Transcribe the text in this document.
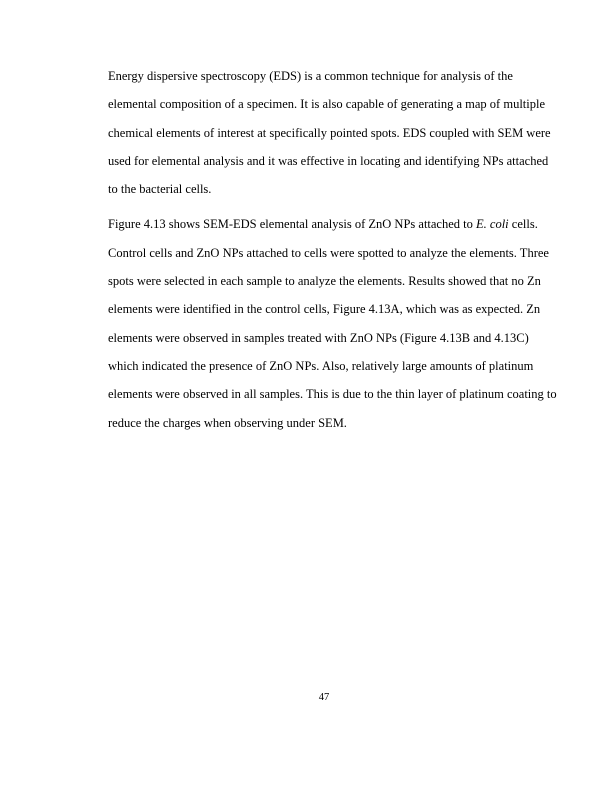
Energy dispersive spectroscopy (EDS) is a common technique for analysis of the
elemental composition of a specimen. It is also capable of generating a map of multiple
chemical elements of interest at specifically pointed spots. EDS coupled with SEM were
used for elemental analysis and it was effective in locating and identifying NPs attached
to the bacterial cells.

Figure 4.13 shows SEM-EDS elemental analysis of ZnO NPs attached to E. coli cells.
Control cells and ZnO NPs attached to cells were spotted to analyze the elements. Three
spots were selected in each sample to analyze the elements. Results showed that no Zn
elements were identified in the control cells, Figure 4.13A, which was as expected. Zn
elements were observed in samples treated with ZnO NPs (Figure 4.13B and 4.13C)
which indicated the presence of ZnO NPs. Also, relatively large amounts of platinum
elements were observed in all samples. This is due to the thin layer of platinum coating to
reduce the charges when observing under SEM.

47
